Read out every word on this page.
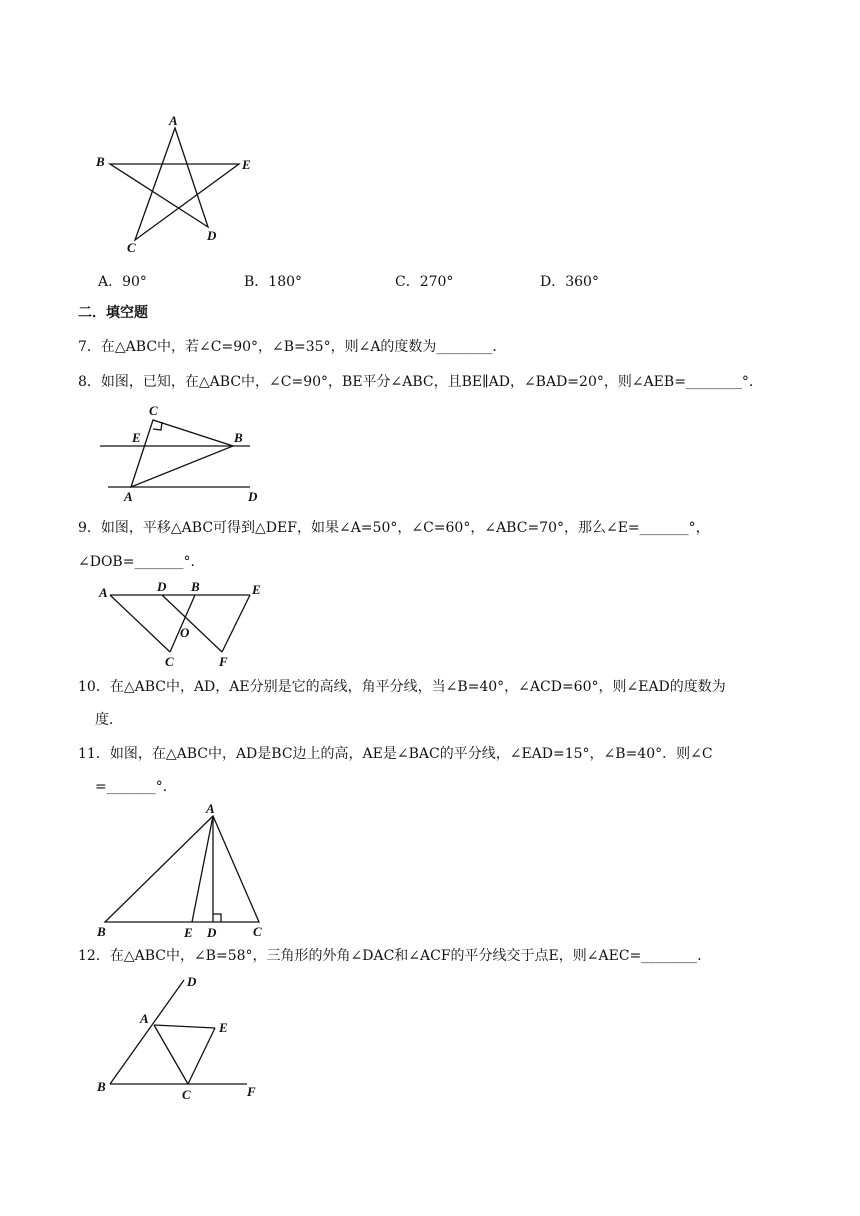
A
B	E
C
D
A．90°	B．180°	C．270°	D．360°
二．填空题
7．在△ABC中，若∠C=90°，∠B=35°，则∠A的度数为________．
8．如图，已知，在△ABC中，∠C=90°，BE平分∠ABC，且BE∥AD，∠BAD=20°，则∠AEB=________°．
C
E	B
A	D
9．如图，平移△ABC可得到△DEF，如果∠A=50°，∠C=60°，∠ABC=70°，那么∠E=_______°，
∠DOB=_______°．
A	D B	E
O
C	F
10．在△ABC中，AD，AE分别是它的高线，角平分线，当∠B=40°，∠ACD=60°，则∠EAD的度数为
度．
11．如图，在△ABC中，AD是BC边上的高，AE是∠BAC的平分线，∠EAD=15°，∠B=40°．则∠C
=_______°．
A
B	E D	C
12．在△ABC中，∠B=58°，三角形的外角∠DAC和∠ACF的平分线交于点E，则∠AEC=________．
D
A
E
B
C	F
